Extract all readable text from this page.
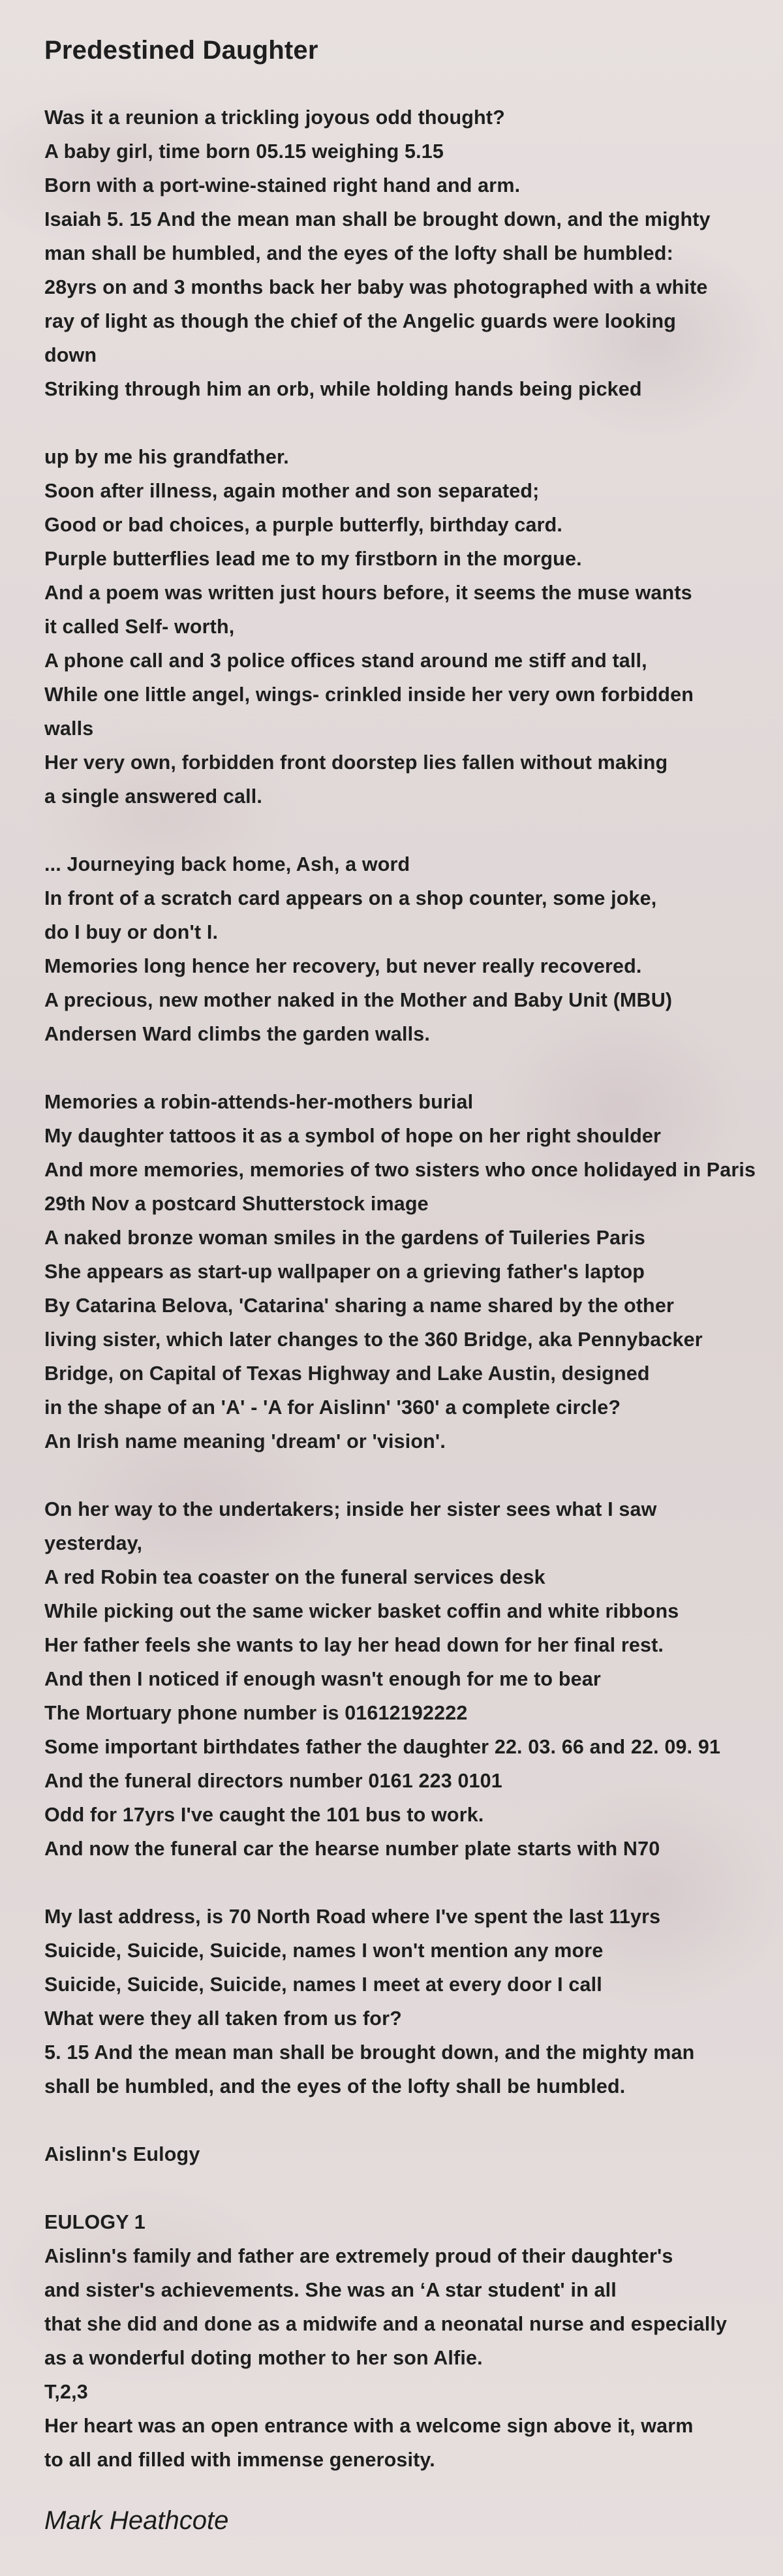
Predestined Daughter
Was it a reunion a trickling joyous odd thought?
A baby girl, time born 05.15 weighing 5.15
Born with a port-wine-stained right hand and arm.
Isaiah 5. 15 And the mean man shall be brought down, and the mighty
man shall be humbled, and the eyes of the lofty shall be humbled:
28yrs on and 3 months back her baby was photographed with a white
ray of light as though the chief of the Angelic guards were looking
down
Striking through him an orb, while holding hands being picked
up by me his grandfather.
Soon after illness, again mother and son separated;
Good or bad choices, a purple butterfly, birthday card.
Purple butterflies lead me to my firstborn in the morgue.
And a poem was written just hours before, it seems the muse wants
it called Self- worth,
A phone call and 3 police offices stand around me stiff and tall,
While one little angel, wings- crinkled inside her very own forbidden
walls
Her very own, forbidden front doorstep lies fallen without making
a single answered call.
... Journeying back home, Ash, a word
In front of a scratch card appears on a shop counter, some joke,
do I buy or don't I.
Memories long hence her recovery, but never really recovered.
A precious, new mother naked in the Mother and Baby Unit (MBU)
Andersen Ward climbs the garden walls.
Memories a robin-attends-her-mothers burial
My daughter tattoos it as a symbol of hope on her right shoulder
And more memories, memories of two sisters who once holidayed in Paris
29th Nov a postcard Shutterstock image
A naked bronze woman smiles in the gardens of Tuileries Paris
She appears as start-up wallpaper on a grieving father's laptop
By Catarina Belova, 'Catarina' sharing a name shared by the other
living sister, which later changes to the 360 Bridge, aka Pennybacker
Bridge, on Capital of Texas Highway and Lake Austin, designed
in the shape of an 'A' - 'A for Aislinn' '360' a complete circle?
An Irish name meaning 'dream' or 'vision'.
On her way to the undertakers; inside her sister sees what I saw
yesterday,
A red Robin tea coaster on the funeral services desk
While picking out the same wicker basket coffin and white ribbons
Her father feels she wants to lay her head down for her final rest.
And then I noticed if enough wasn't enough for me to bear
The Mortuary phone number is 01612192222
Some important birthdates father the daughter 22. 03. 66 and 22. 09. 91
And the funeral directors number 0161 223 0101
Odd for 17yrs I've caught the 101 bus to work.
And now the funeral car the hearse number plate starts with N70
My last address, is 70 North Road where I've spent the last 11yrs
Suicide, Suicide, Suicide, names I won't mention any more
Suicide, Suicide, Suicide, names I meet at every door I call
What were they all taken from us for?
5. 15 And the mean man shall be brought down, and the mighty man
shall be humbled, and the eyes of the lofty shall be humbled.
Aislinn's Eulogy
EULOGY 1
Aislinn's family and father are extremely proud of their daughter's
and sister's achievements. She was an ‘A star student' in all
that she did and done as a midwife and a neonatal nurse and especially
as a wonderful doting mother to her son Alfie.
T,2,3
Her heart was an open entrance with a welcome sign above it, warm
to all and filled with immense generosity.
Mark Heathcote
